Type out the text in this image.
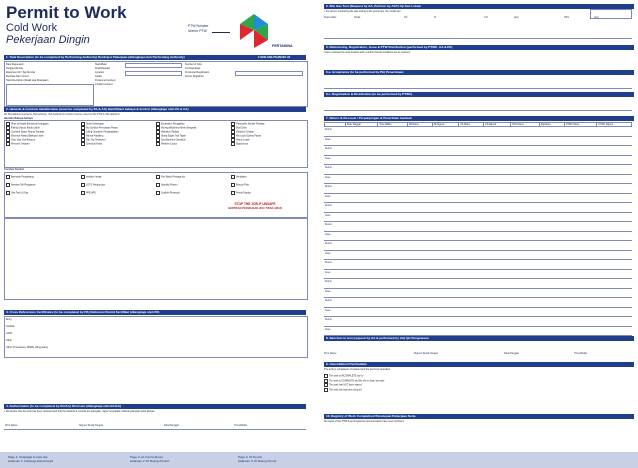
Permit to Work
Cold Work
Pekerjaan Dingin
PTW Number
Nomor PTW
PERTAMINA
1. Task Description (to be completed by Performing Authority) Deskripsi Pekerjaan (dilengkapi oleh Performing Authority)	F-BOB-HSE-PSHSE001-06
Date Requested
Tanggal diminta
Equipment ID / Tag Number
Identitas Alat / Nomor
Task Description (Detail task Pekerjaan)
Start/Mulai
Finish/Selesai
Location
Lokasi
Personnel Involved
Jumlah personel
Number of Jobs
Jml Pekerjaan
Personnel Registration
Nomor Registrasi
2. Hazards & Controls Identification (must be completed by PA & AA) Identifikasi bahaya & kontrol (dilengkapi oleh PA & AA)
All JSA attached Lampiran JSA terlampir. JSA hazards & controls must be noted on this PTW & JSA attached.
Hazards Bahaya-bahaya
Work at Height Bekerja di Ketinggian
Falling Objects Benda Jatuh
Confined Space Ruang Terbatas
Electrical Hazard Bahaya Listrik
Toxic Gas Gas Beracun
Pressure Tekanan
Noise Kebisingan
Hot Surface Permukaan Panas
Lifting Operation Pengangkatan
Manual Handling
Slip Trip Terpeleset
Chemical Kimia
Excavation Penggalian
Moving Machinery Mesin Bergerak
Radiation Radiasi
Sharp Edges Tepi Tajam
Simultaneous Operation
Weather Cuaca
Flammable Mudah Terbakar
Dust Debu
Vibration Getaran
Hot Liquid Cairan Panas
Heavy Loads
Ergonomics
Controls Kontrol
Barricade Penghalang
Harness Tali Pengaman
Gas Test Uji Gas
Isolation Isolasi
LOTO Penguncian
PPE APD
Fire Watch Penjaga Api
Standby Person
Scaffold Perancah
Ventilation
Rescue Plan
Permit Display
STOP THE JOB IF UNSAFE
HENTIKAN PEKERJAAN JIKA TIDAK AMAN
3. Cross References Certificates (to be completed by PA) Referensi Permit Sertifikat (dilengkapi oleh PA)
Entry
Isolation
LOPA
Other
Other (Procedures, MSDS, lifting plans)
4. Authorization (to be completed by EC/AA) Otorisasi (dilengkapi oleh EC/AA)
I, PA declare that the work has been reviewed and that the hazards & controls are adequate. Saya menyatakan bahwa pekerjaan telah ditinjau.
Print Name	Signed Tanda Tangan	Date/Tanggal	Time/Waktu
Page 1: Chapagal & work site
Halaman 1: Clipaseg alamat kerja
Page 2: At Control Room
Halaman 2: Di Ruang Kontrol
Page 3: Of Permit
Halaman 3: Di Ruang Permit
5. Site Gas Test (Request by AA, Perform by AGT) Uji Gas Lokasi
I, the person conducting the gas testing at the permit site, the results are:
Flammable	%LEL	O2	%	CO	ppm	H2S	ppm
6. Referencing, Registration, Issue & PTW Distribution (performed by PTWC, AA & PA)
I have reviewed the work location and I confirm that all conditions are as required.
6.a. Acceptance (to be performed by PA) Penerimaan
6.c. Registration & Distribution (to be performed by PTWC)
7. Return & Re-issue / Perpanjangan & Penerbitan kembali
	Date Tanggal	Time Waktu	PA Name	PA Signed	AA Name	AA Signed	Print Name	Signature	PTWC Name	PTWC Signed
Return
Issue
Return
Issue
Return
Issue
Return
Issue
Return
Issue
Return
Issue
Return
Issue
Return
Issue
Return
Issue
Return
Issue
Return
Issue
8. Sanction to test (request by AA & performed by AA) Ijin Pengetesan
Print Name	Signed Tanda Tangan	Date/Tanggal	Time/Waktu
9. Cancellation/ Pembatalan
The work is completed/ not started and the permit is cancelled.
The work is INCOMPLETE due to
The work is COMPLETE and the site is clean and safe
The work has NOT been started
The work site has been cleaned
10. Registry of Work Completion/ Penutupan Pekerjaan Kerja
All copies of this PTW & accompanying documentation have been archived.
